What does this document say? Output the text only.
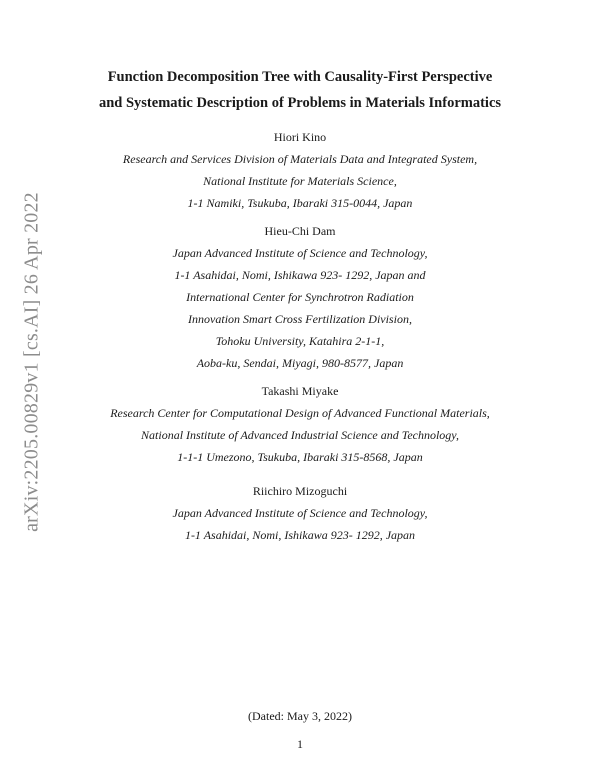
arXiv:2205.00829v1 [cs.AI] 26 Apr 2022
Function Decomposition Tree with Causality-First Perspective
and Systematic Description of Problems in Materials Informatics
Hiori Kino
Research and Services Division of Materials Data and Integrated System,
National Institute for Materials Science,
1-1 Namiki, Tsukuba, Ibaraki 315-0044, Japan
Hieu-Chi Dam
Japan Advanced Institute of Science and Technology,
1-1 Asahidai, Nomi, Ishikawa 923- 1292, Japan and
International Center for Synchrotron Radiation
Innovation Smart Cross Fertilization Division,
Tohoku University, Katahira 2-1-1,
Aoba-ku, Sendai, Miyagi, 980-8577, Japan
Takashi Miyake
Research Center for Computational Design of Advanced Functional Materials,
National Institute of Advanced Industrial Science and Technology,
1-1-1 Umezono, Tsukuba, Ibaraki 315-8568, Japan
Riichiro Mizoguchi
Japan Advanced Institute of Science and Technology,
1-1 Asahidai, Nomi, Ishikawa 923- 1292, Japan
(Dated: May 3, 2022)
1
